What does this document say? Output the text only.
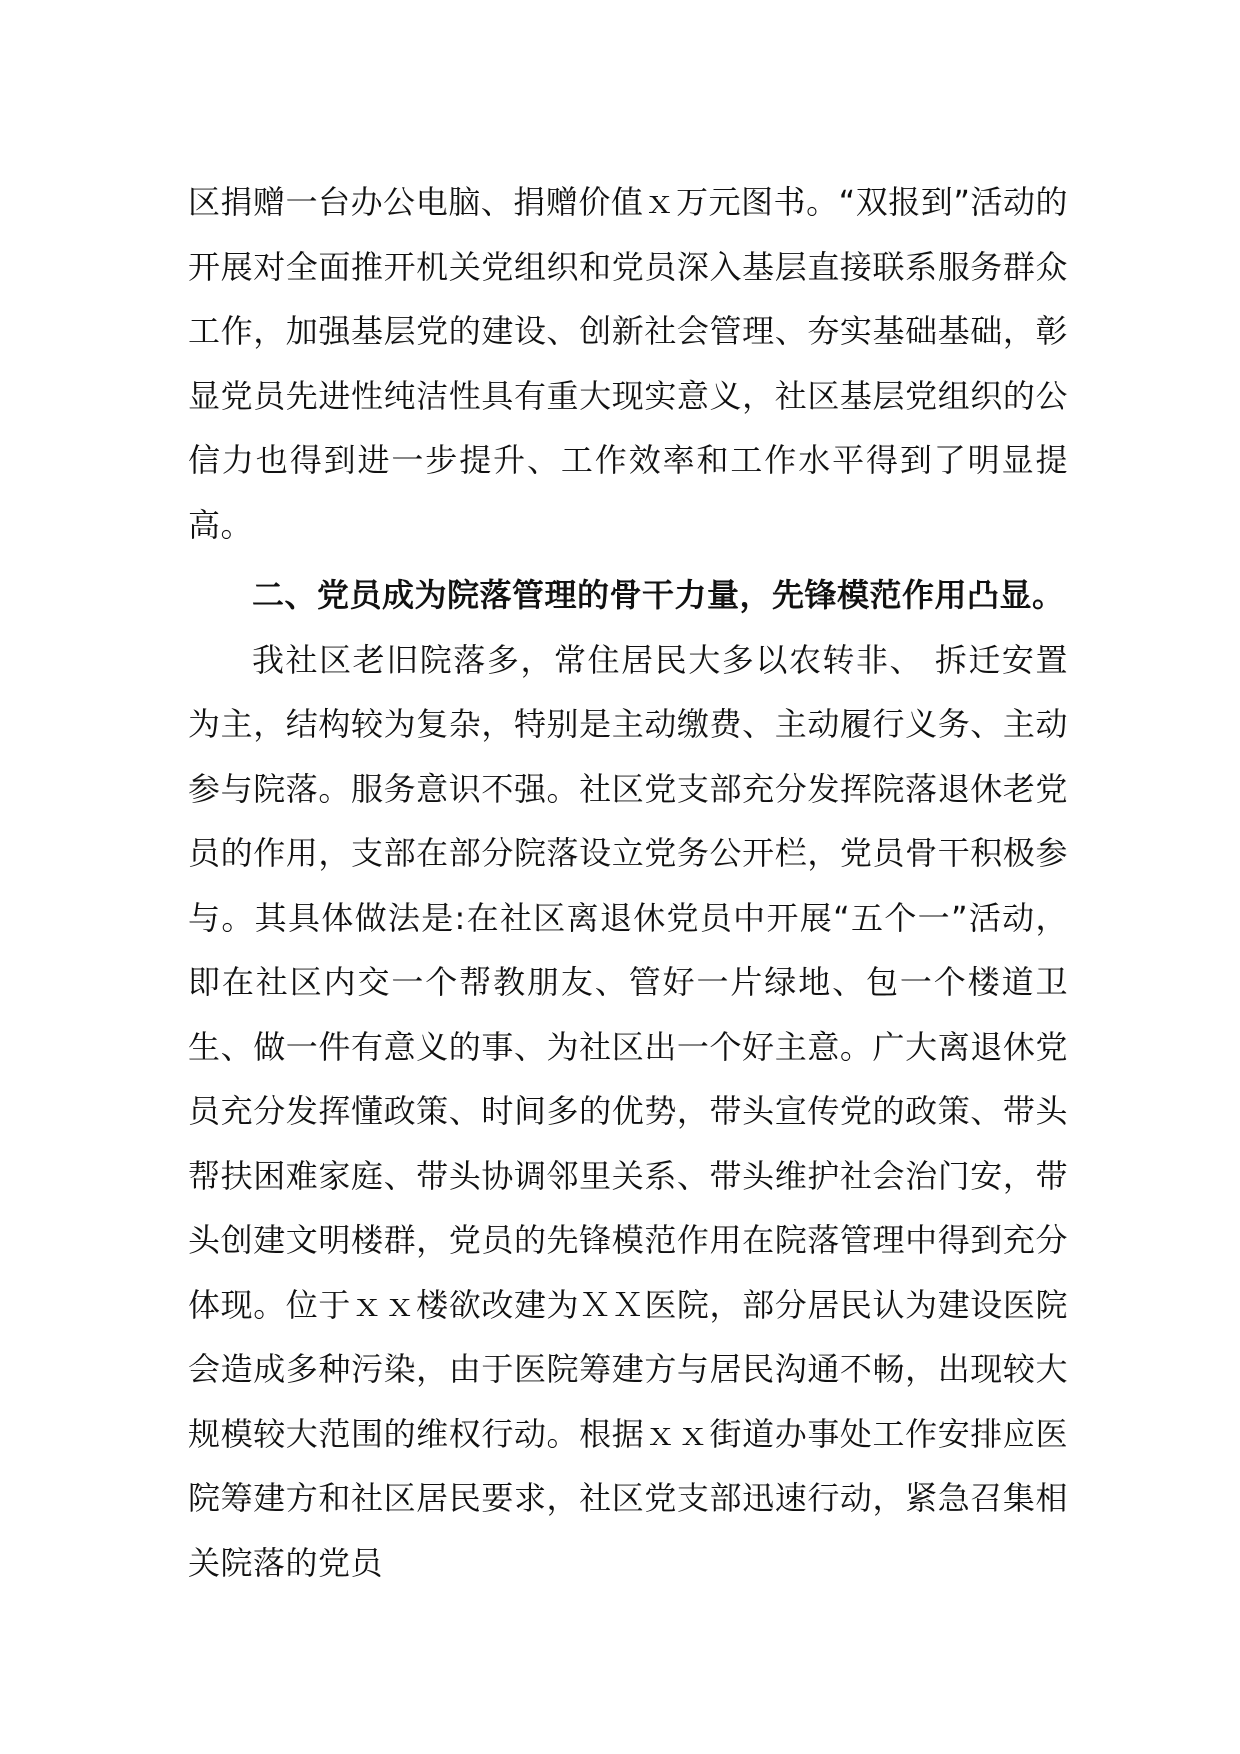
区捐赠一台办公电脑、捐赠价值ｘ万元图书。“双报到”活动的开展对全面推开机关党组织和党员深入基层直接联系服务群众工作，加强基层党的建设、创新社会管理、夯实基础基础，彰显党员先进性纯洁性具有重大现实意义，社区基层党组织的公信力也得到进一步提升、工作效率和工作水平得到了明显提高。

二、党员成为院落管理的骨干力量，先锋模范作用凸显。

我社区老旧院落多，常住居民大多以农转非、 拆迁安置为主，结构较为复杂，特别是主动缴费、主动履行义务、主动参与院落。服务意识不强。社区党支部充分发挥院落退休老党员的作用，支部在部分院落设立党务公开栏，党员骨干积极参与。其具体做法是:在社区离退休党员中开展“五个一”活动，即在社区内交一个帮教朋友、管好一片绿地、包一个楼道卫生、做一件有意义的事、为社区出一个好主意。广大离退休党员充分发挥懂政策、时间多的优势，带头宣传党的政策、带头帮扶困难家庭、带头协调邻里关系、带头维护社会治门安，带头创建文明楼群，党员的先锋模范作用在院落管理中得到充分体现。位于ｘｘ楼欲改建为ＸＸ医院，部分居民认为建设医院会造成多种污染，由于医院筹建方与居民沟通不畅，出现较大规模较大范围的维权行动。根据ｘｘ街道办事处工作安排应医院筹建方和社区居民要求，社区党支部迅速行动，紧急召集相关院落的党员
